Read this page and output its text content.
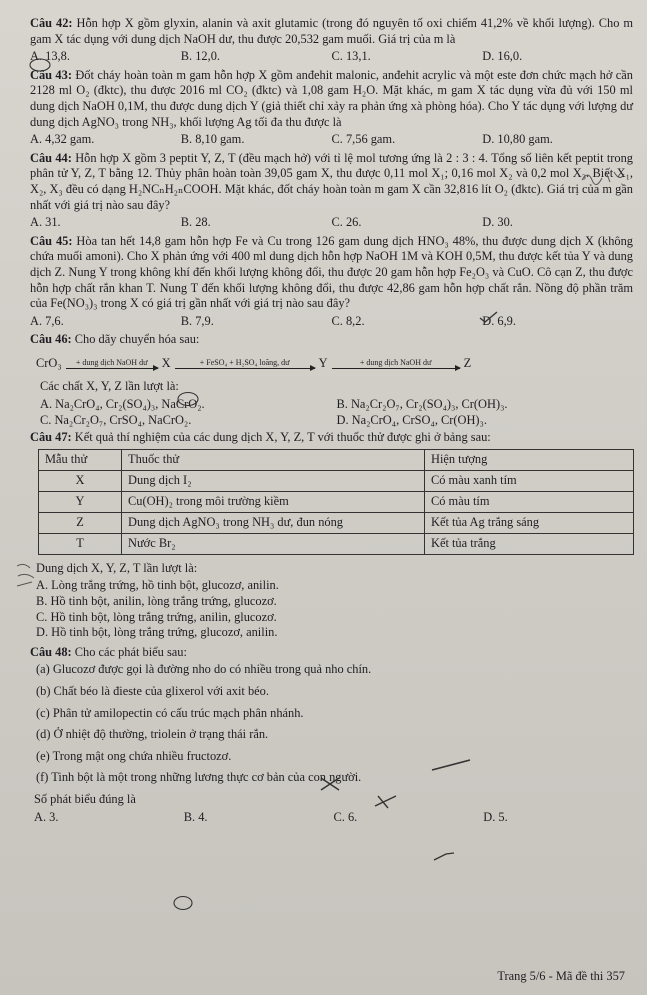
Câu 42: Hỗn hợp X gồm glyxin, alanin và axit glutamic (trong đó nguyên tố oxi chiếm 41,2% về khối lượng). Cho m gam X tác dụng với dung dịch NaOH dư, thu được 20,532 gam muối. Giá trị của m là
A. 13,8.	B. 12,0.	C. 13,1.	D. 16,0.
Câu 43: Đốt cháy hoàn toàn m gam hỗn hợp X gồm anđehit malonic, anđehit acrylic và một este đơn chức mạch hở cần 2128 ml O₂ (đktc), thu được 2016 ml CO₂ (đktc) và 1,08 gam H₂O. Mặt khác, m gam X tác dụng vừa đủ với 150 ml dung dịch NaOH 0,1M, thu được dung dịch Y (giả thiết chỉ xảy ra phản ứng xà phòng hóa). Cho Y tác dụng với lượng dư dung dịch AgNO₃ trong NH₃, khối lượng Ag tối đa thu được là
A. 4,32 gam.	B. 8,10 gam.	C. 7,56 gam.	D. 10,80 gam.
Câu 44: Hỗn hợp X gồm 3 peptit Y, Z, T (đều mạch hở) với tỉ lệ mol tương ứng là 2 : 3 : 4. Tổng số liên kết peptit trong phân tử Y, Z, T bằng 12. Thủy phân hoàn toàn 39,05 gam X, thu được 0,11 mol X₁; 0,16 mol X₂ và 0,2 mol X₃. Biết X₁, X₂, X₃ đều có dạng H₂NCₙH₂ₙCOOH. Mặt khác, đốt cháy hoàn toàn m gam X cần 32,816 lít O₂ (đktc). Giá trị của m gần nhất với giá trị nào sau đây?
A. 31.	B. 28.	C. 26.	D. 30.
Câu 45: Hòa tan hết 14,8 gam hỗn hợp Fe và Cu trong 126 gam dung dịch HNO₃ 48%, thu được dung dịch X (không chứa muối amoni). Cho X phản ứng với 400 ml dung dịch hỗn hợp NaOH 1M và KOH 0,5M, thu được kết tủa Y và dung dịch Z. Nung Y trong không khí đến khối lượng không đổi, thu được 20 gam hỗn hợp Fe₂O₃ và CuO. Cô cạn Z, thu được hỗn hợp chất rắn khan T. Nung T đến khối lượng không đổi, thu được 42,86 gam hỗn hợp chất rắn. Nồng độ phần trăm của Fe(NO₃)₃ trong X có giá trị gần nhất với giá trị nào sau đây?
A. 7,6.	B. 7,9.	C. 8,2.	D. 6,9.
Câu 46: Cho dãy chuyển hóa sau:
CrO₃ + dung dịch NaOH dư X	+ FeSO₄ + H₂SO₄ loãng, dư Y	+ dung dịch NaOH dư	Z
Các chất X, Y, Z lần lượt là:
A. Na₂CrO₄, Cr₂(SO₄)₃, NaCrO₂.	B. Na₂Cr₂O₇, Cr₂(SO₄)₃, Cr(OH)₃.
C. Na₂Cr₂O₇, CrSO₄, NaCrO₂.	D. Na₂CrO₄, CrSO₄, Cr(OH)₃.
Câu 47: Kết quả thí nghiệm của các dung dịch X, Y, Z, T với thuốc thử được ghi ở bảng sau:
Mẫu thử	Thuốc thử	Hiện tượng

X	Dung dịch I₂	Có màu xanh tím

Y	Cu(OH)₂ trong môi trường kiềm	Có màu tím

Z	Dung dịch AgNO₃ trong NH₃ dư, đun nóng	Kết tủa Ag trắng sáng

T	Nước Br₂	Kết tủa trắng
Dung dịch X, Y, Z, T lần lượt là:
A. Lòng trắng trứng, hồ tinh bột, glucozơ, anilin.
B. Hồ tinh bột, anilin, lòng trắng trứng, glucozơ.
C. Hồ tinh bột, lòng trắng trứng, anilin, glucozơ.
D. Hồ tinh bột, lòng trắng trứng, glucozơ, anilin.
Câu 48: Cho các phát biểu sau:
(a) Glucozơ được gọi là đường nho do có nhiều trong quả nho chín.
(b) Chất béo là đieste của glixerol với axit béo.
(c) Phân tử amilopectin có cấu trúc mạch phân nhánh.
(d) Ở nhiệt độ thường, triolein ở trạng thái rắn.
(e) Trong mật ong chứa nhiều fructozơ.
(f) Tinh bột là một trong những lương thực cơ bản của con người.
Số phát biểu đúng là
A. 3.	B. 4.	C. 6.	D. 5.
Trang 5/6 - Mã đề thi 357
